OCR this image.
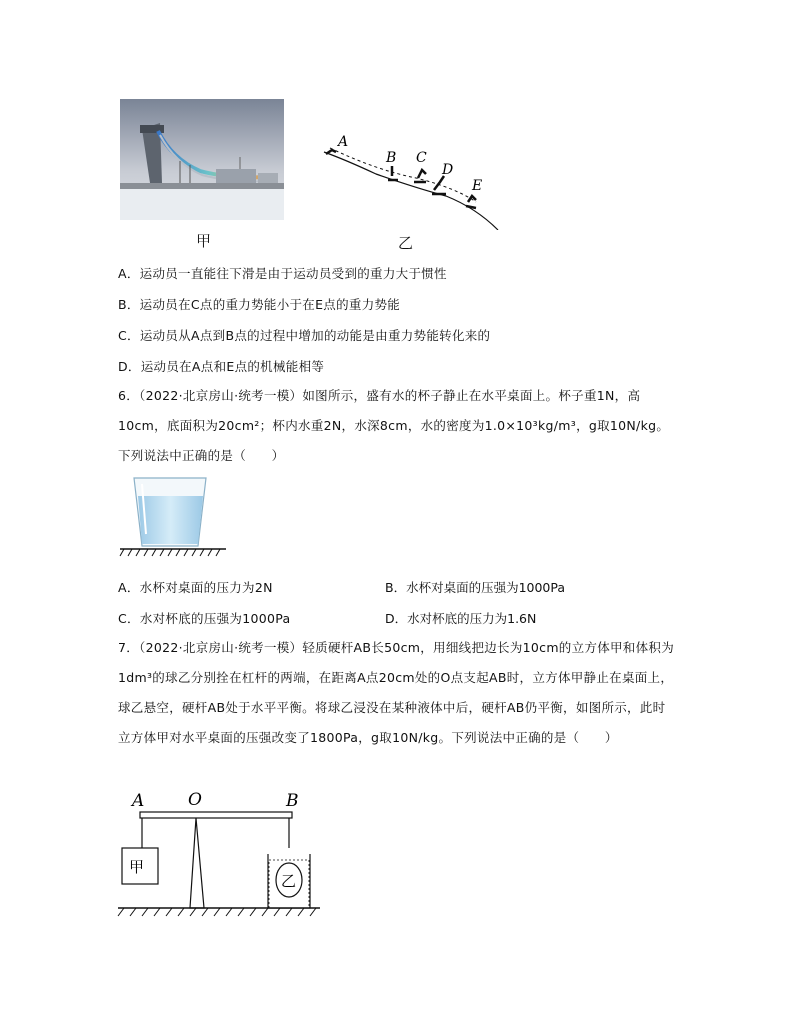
甲
A
B C
D
E
乙
A．运动员一直能往下滑是由于运动员受到的重力大于惯性
B．运动员在C点的重力势能小于在E点的重力势能
C．运动员从A点到B点的过程中增加的动能是由重力势能转化来的
D．运动员在A点和E点的机械能相等
6．（2022·北京房山·统考一模）如图所示，盛有水的杯子静止在水平桌面上。杯子重1N，高10cm，底面积为20cm²；杯内水重2N，水深8cm，水的密度为1.0×10³kg/m³，g取10N/kg。下列说法中正确的是（　　）
A．水杯对桌面的压力为2N	B．水杯对桌面的压强为1000Pa
C．水对杯底的压强为1000Pa	D．水对杯底的压力为1.6N
7．（2022·北京房山·统考一模）轻质硬杆AB长50cm，用细线把边长为10cm的立方体甲和体积为1dm³的球乙分别拴在杠杆的两端，在距离A点20cm处的O点支起AB时，立方体甲静止在桌面上，球乙悬空，硬杆AB处于水平平衡。将球乙浸没在某种液体中后，硬杆AB仍平衡，如图所示，此时立方体甲对水平桌面的压强改变了1800Pa，g取10N/kg。下列说法中正确的是（　　）
A	O	B
甲
乙
